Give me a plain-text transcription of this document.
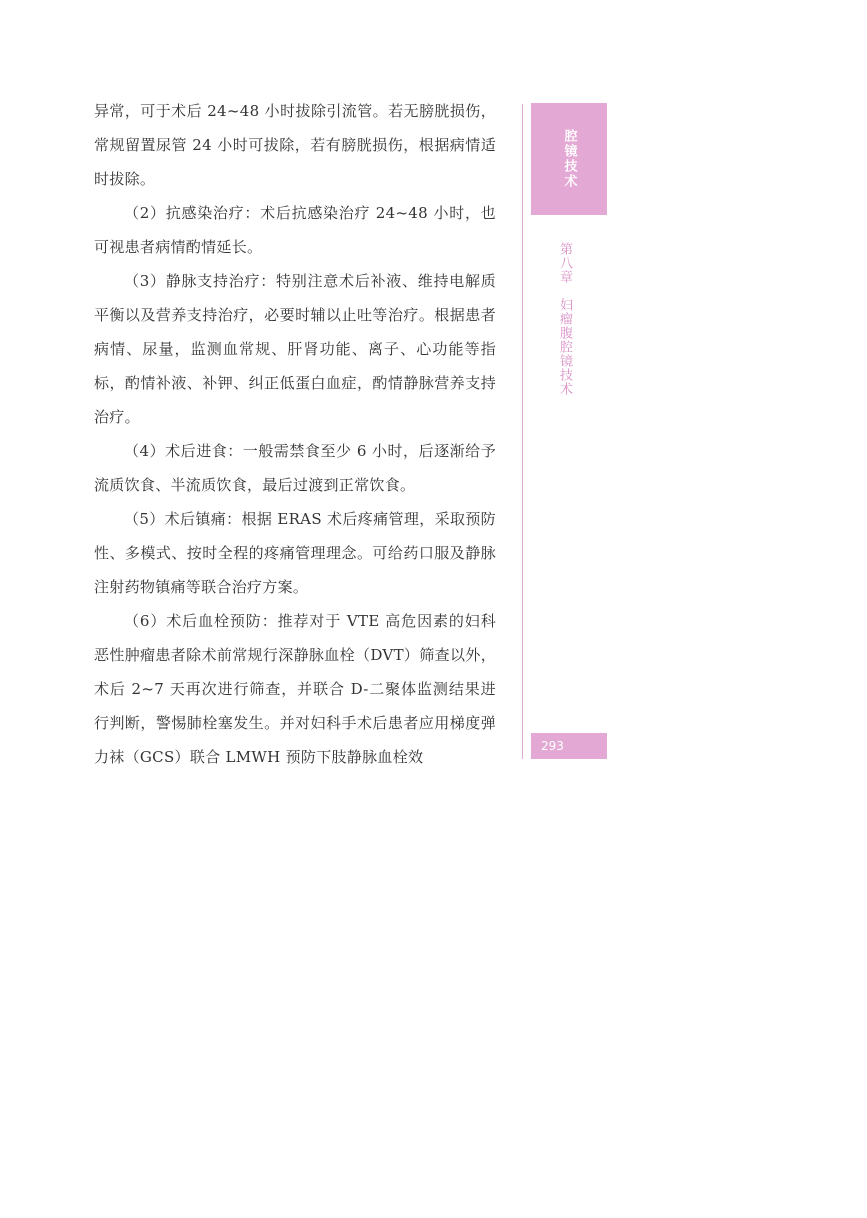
异常，可于术后 24~48 小时拔除引流管。若无膀胱损伤，常规留置尿管 24 小时可拔除，若有膀胱损伤，根据病情适时拔除。

（2）抗感染治疗：术后抗感染治疗 24~48 小时，也可视患者病情酌情延长。

（3）静脉支持治疗：特别注意术后补液、维持电解质平衡以及营养支持治疗，必要时辅以止吐等治疗。根据患者病情、尿量，监测血常规、肝肾功能、离子、心功能等指标，酌情补液、补钾、纠正低蛋白血症，酌情静脉营养支持治疗。

（4）术后进食：一般需禁食至少 6 小时，后逐渐给予流质饮食、半流质饮食，最后过渡到正常饮食。

（5）术后镇痛：根据 ERAS 术后疼痛管理，采取预防性、多模式、按时全程的疼痛管理理念。可给药口服及静脉注射药物镇痛等联合治疗方案。

（6）术后血栓预防：推荐对于 VTE 高危因素的妇科恶性肿瘤患者除术前常规行深静脉血栓（DVT）筛查以外，术后 2~7 天再次进行筛查，并联合 D-二聚体监测结果进行判断，警惕肺栓塞发生。并对妇科手术后患者应用梯度弹力袜（GCS）联合 LMWH 预防下肢静脉血栓效

腔镜技术
第八章妇瘤腹腔镜技术
293
